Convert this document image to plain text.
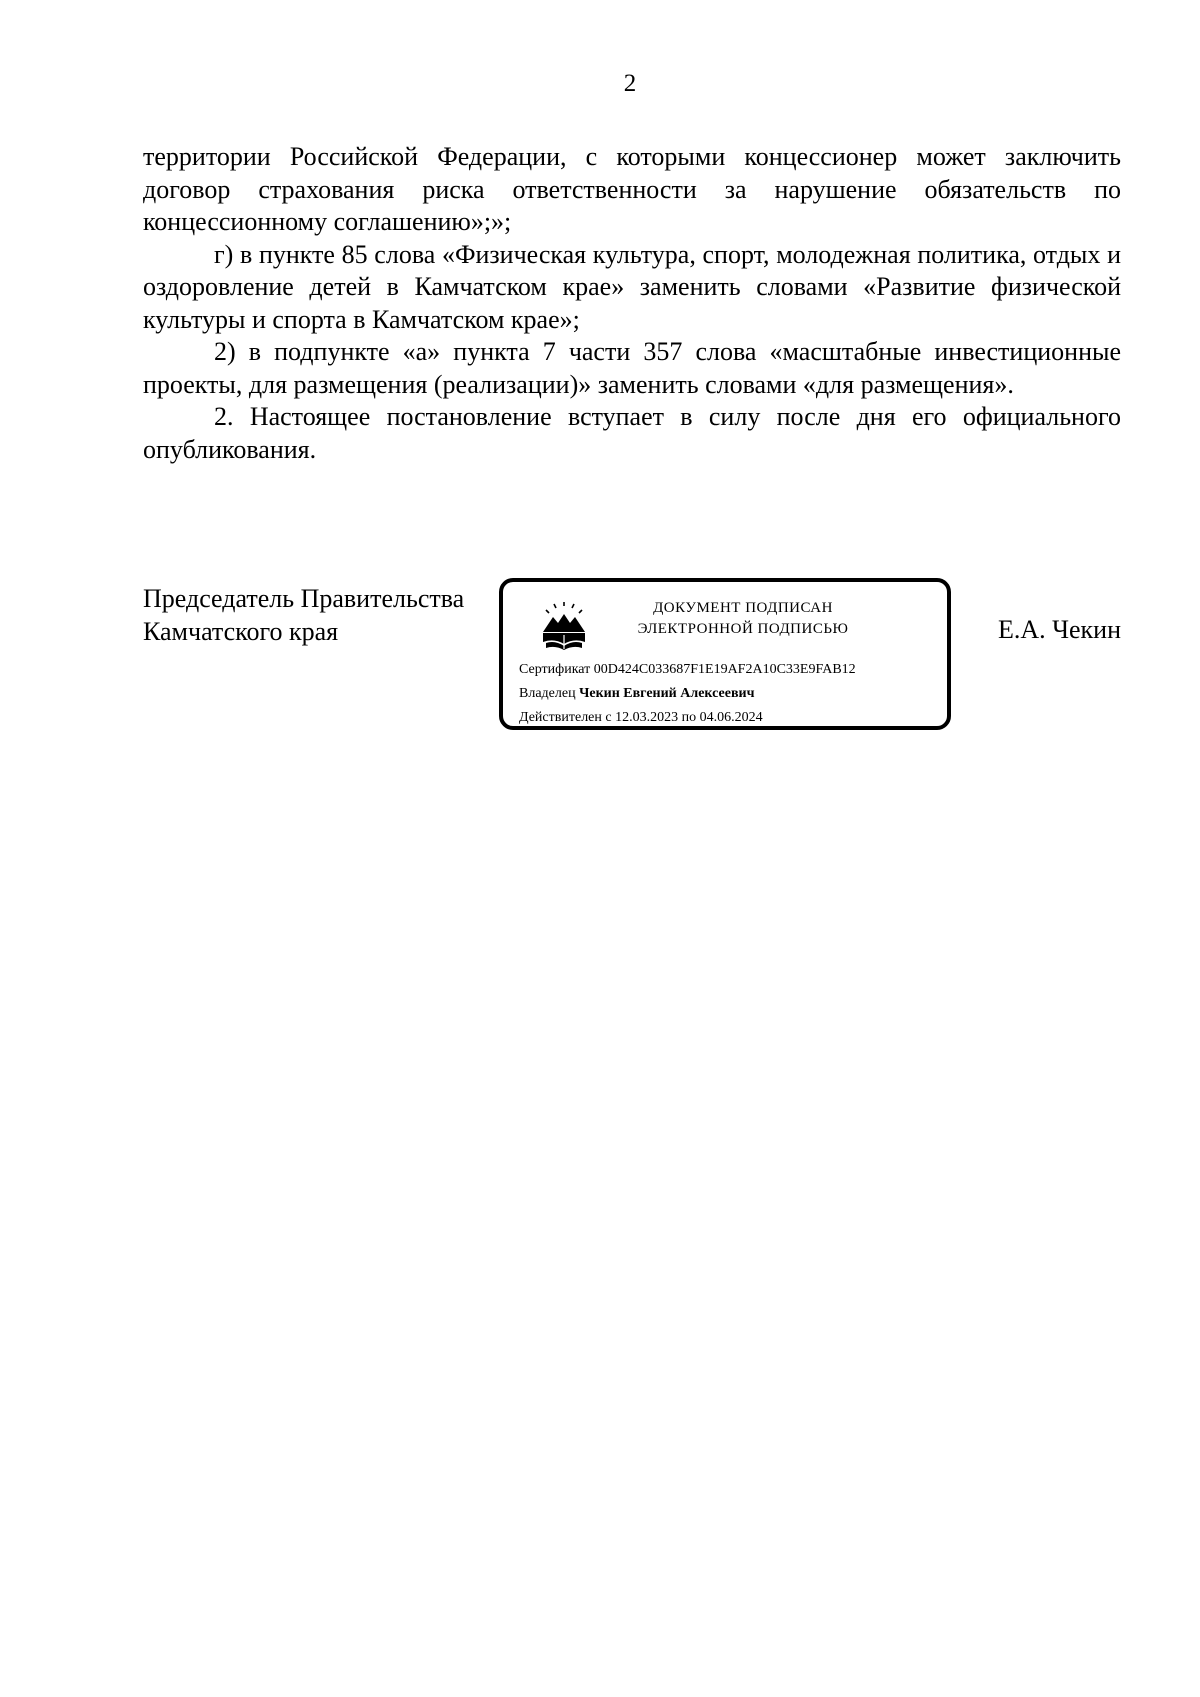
2

территории Российской Федерации, с которыми концессионер может заключить договор страхования риска ответственности за нарушение обязательств по концессионному соглашению»;»;

г) в пункте 85 слова «Физическая культура, спорт, молодежная политика, отдых и оздоровление детей в Камчатском крае» заменить словами «Развитие физической культуры и спорта в Камчатском крае»;

2) в подпункте «а» пункта 7 части 357 слова «масштабные инвестиционные проекты, для размещения (реализации)» заменить словами «для размещения».

2. Настоящее постановление вступает в силу после дня его официального опубликования.

Председатель Правительства
Камчатского края
ДОКУМЕНТ ПОДПИСАН
ЭЛЕКТРОННОЙ ПОДПИСЬЮ
Сертификат 00D424C033687F1E19AF2A10C33E9FAB12
Владелец Чекин Евгений Алексеевич
Действителен с 12.03.2023 по 04.06.2024
Е.А. Чекин
